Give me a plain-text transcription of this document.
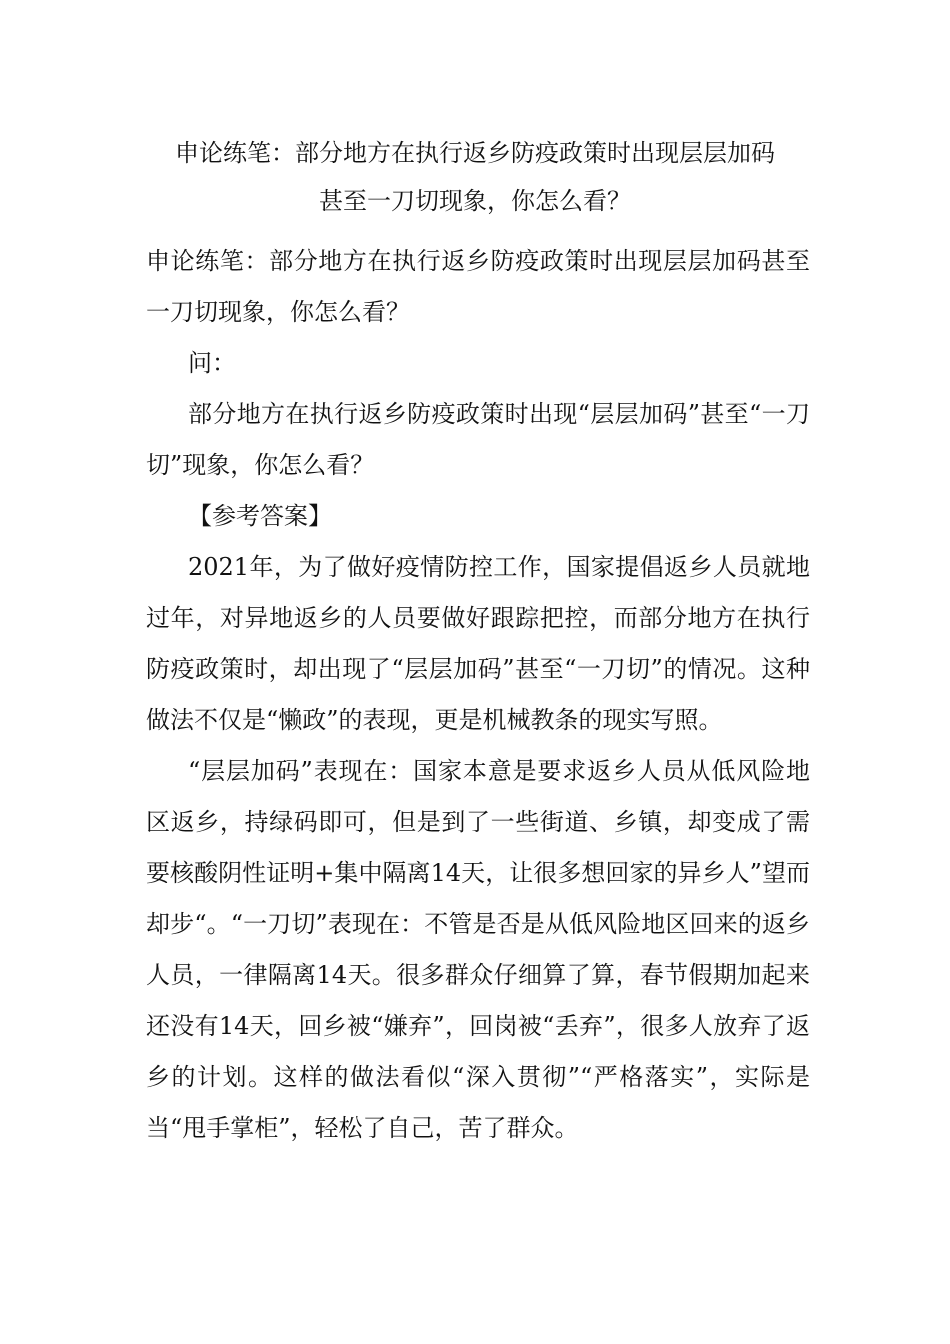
申论练笔：部分地方在执行返乡防疫政策时出现层层加码
甚至一刀切现象，你怎么看？

申论练笔：部分地方在执行返乡防疫政策时出现层层加码甚至一刀切现象，你怎么看？

问：

部分地方在执行返乡防疫政策时出现“层层加码”甚至“一刀切”现象，你怎么看？

【参考答案】

2021年，为了做好疫情防控工作，国家提倡返乡人员就地过年，对异地返乡的人员要做好跟踪把控，而部分地方在执行防疫政策时，却出现了“层层加码”甚至“一刀切”的情况。这种做法不仅是“懒政”的表现，更是机械教条的现实写照。

“层层加码”表现在：国家本意是要求返乡人员从低风险地区返乡，持绿码即可，但是到了一些街道、乡镇，却变成了需要核酸阴性证明+集中隔离14天，让很多想回家的异乡人”望而却步“。“一刀切”表现在：不管是否是从低风险地区回来的返乡人员，一律隔离14天。很多群众仔细算了算，春节假期加起来还没有14天，回乡被“嫌弃”，回岗被“丢弃”，很多人放弃了返乡的计划。这样的做法看似“深入贯彻”“严格落实”，实际是当“甩手掌柜”，轻松了自己，苦了群众。
